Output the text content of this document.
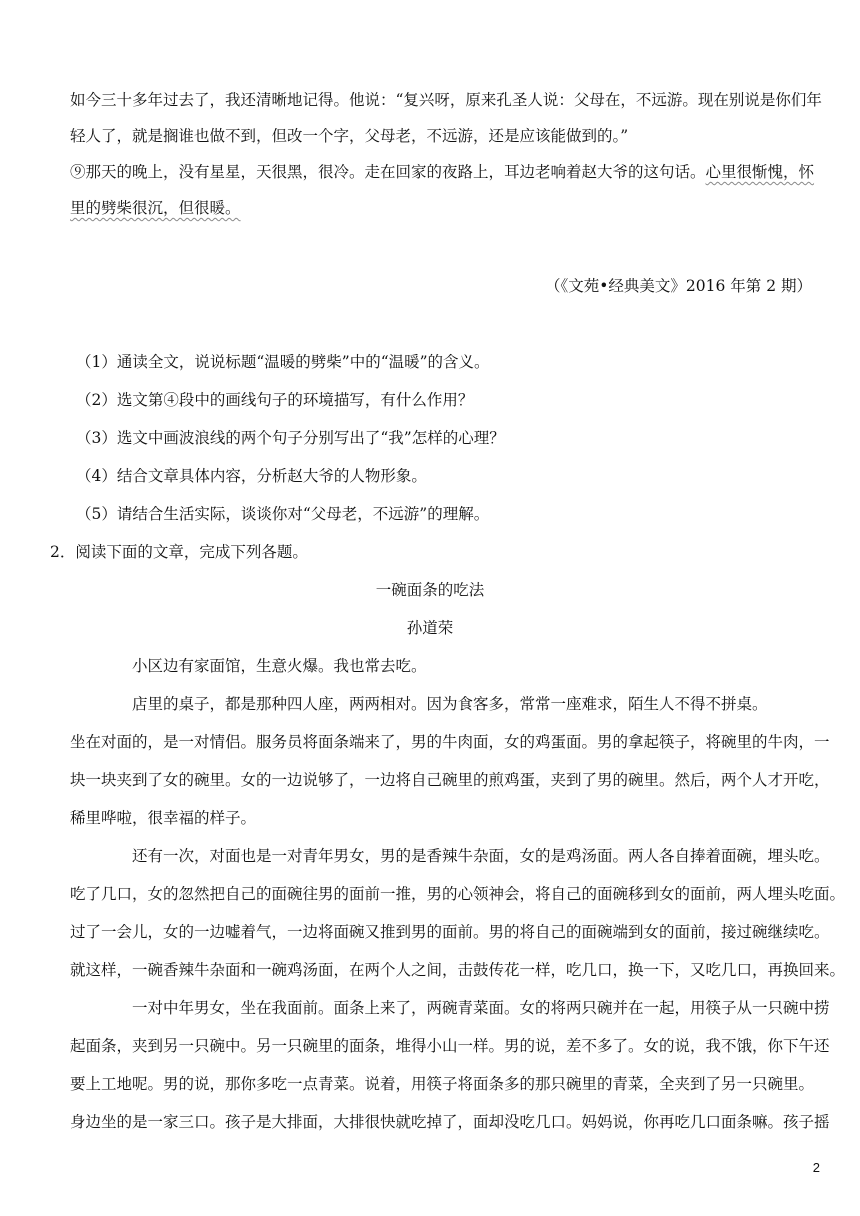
如今三十多年过去了，我还清晰地记得。他说：“复兴呀，原来孔圣人说：父母在，不远游。现在别说是你们年
轻人了，就是搁谁也做不到，但改一个字，父母老，不远游，还是应该能做到的。”
⑨那天的晚上，没有星星，天很黑，很冷。走在回家的夜路上，耳边老响着赵大爷的这句话。心里很惭愧，怀
里的劈柴很沉，但很暖。
（《文苑•经典美文》2016 年第 2 期）
（1）通读全文，说说标题“温暖的劈柴”中的“温暖”的含义。
（2）选文第④段中的画线句子的环境描写，有什么作用？
（3）选文中画波浪线的两个句子分别写出了“我”怎样的心理？
（4）结合文章具体内容，分析赵大爷的人物形象。
（5）请结合生活实际，谈谈你对“父母老，不远游”的理解。
2．阅读下面的文章，完成下列各题。
一碗面条的吃法
孙道荣
小区边有家面馆，生意火爆。我也常去吃。
店里的桌子，都是那种四人座，两两相对。因为食客多，常常一座难求，陌生人不得不拼桌。
坐在对面的，是一对情侣。服务员将面条端来了，男的牛肉面，女的鸡蛋面。男的拿起筷子，将碗里的牛肉，一
块一块夹到了女的碗里。女的一边说够了，一边将自己碗里的煎鸡蛋，夹到了男的碗里。然后，两个人才开吃，
稀里哗啦，很幸福的样子。
还有一次，对面也是一对青年男女，男的是香辣牛杂面，女的是鸡汤面。两人各自捧着面碗，埋头吃。
吃了几口，女的忽然把自己的面碗往男的面前一推，男的心领神会，将自己的面碗移到女的面前，两人埋头吃面。
过了一会儿，女的一边嘘着气，一边将面碗又推到男的面前。男的将自己的面碗端到女的面前，接过碗继续吃。
就这样，一碗香辣牛杂面和一碗鸡汤面，在两个人之间，击鼓传花一样，吃几口，换一下，又吃几口，再换回来。
一对中年男女，坐在我面前。面条上来了，两碗青菜面。女的将两只碗并在一起，用筷子从一只碗中捞
起面条，夹到另一只碗中。另一只碗里的面条，堆得小山一样。男的说，差不多了。女的说，我不饿，你下午还
要上工地呢。男的说，那你多吃一点青菜。说着，用筷子将面条多的那只碗里的青菜，全夹到了另一只碗里。
身边坐的是一家三口。孩子是大排面，大排很快就吃掉了，面却没吃几口。妈妈说，你再吃几口面条嘛。孩子摇
2
